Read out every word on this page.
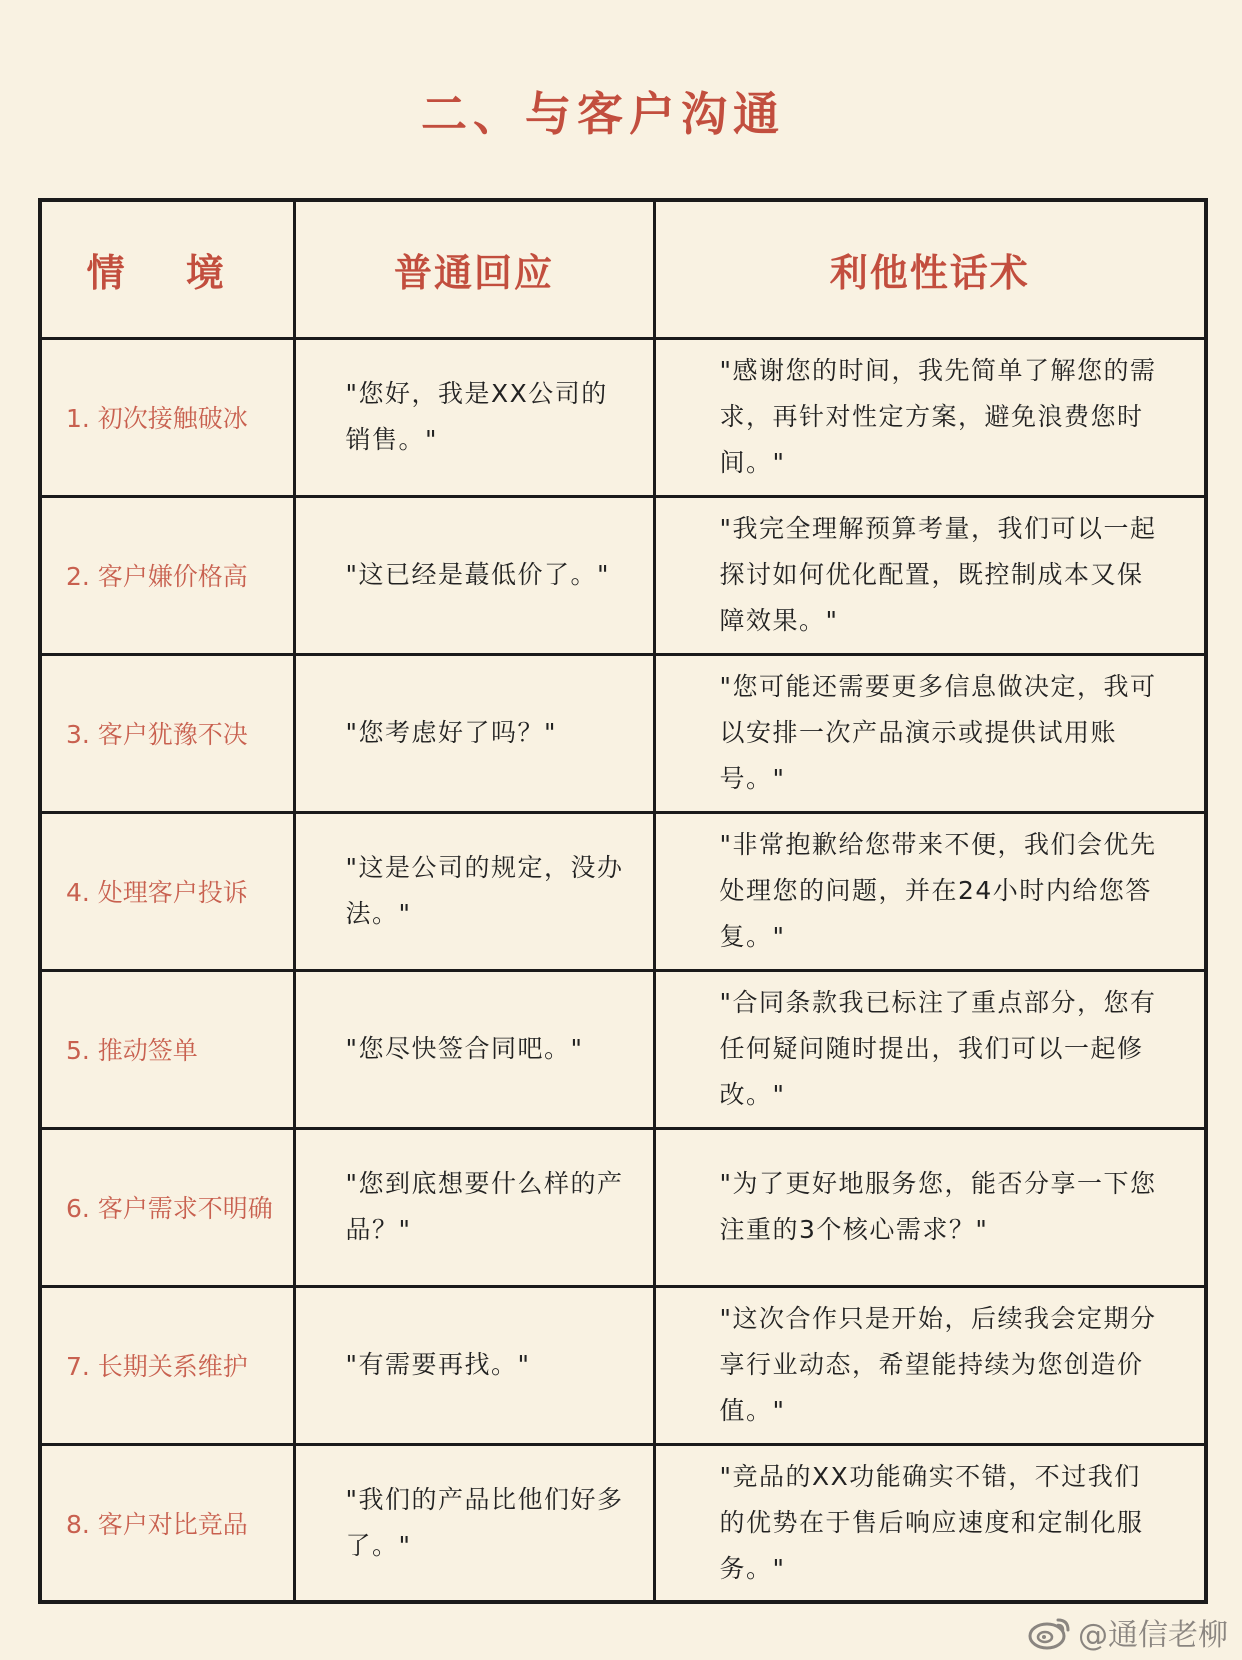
二、与客户沟通
情 境	普通回应	利他性话术
1. 初次接触破冰	"您好，我是XX公司的销售。"	"感谢您的时间，我先简单了解您的需求，再针对性定方案，避免浪费您时间。"
2. 客户嫌价格高	"这已经是蕞低价了。"	"我完全理解预算考量，我们可以一起探讨如何优化配置，既控制成本又保障效果。"
3. 客户犹豫不决	"您考虑好了吗？"	"您可能还需要更多信息做决定，我可以安排一次产品演示或提供试用账号。"
4. 处理客户投诉	"这是公司的规定，没办法。"	"非常抱歉给您带来不便，我们会优先处理您的问题，并在24小时内给您答复。"
5. 推动签单	"您尽快签合同吧。"	"合同条款我已标注了重点部分，您有任何疑问随时提出，我们可以一起修改。"
6. 客户需求不明确	"您到底想要什么样的产品？"	"为了更好地服务您，能否分享一下您注重的3个核心需求？"
7. 长期关系维护	"有需要再找。"	"这次合作只是开始，后续我会定期分享行业动态，希望能持续为您创造价值。"
8. 客户对比竞品	"我们的产品比他们好多了。"	"竞品的XX功能确实不错，不过我们的优势在于售后响应速度和定制化服务。"
@通信老柳
